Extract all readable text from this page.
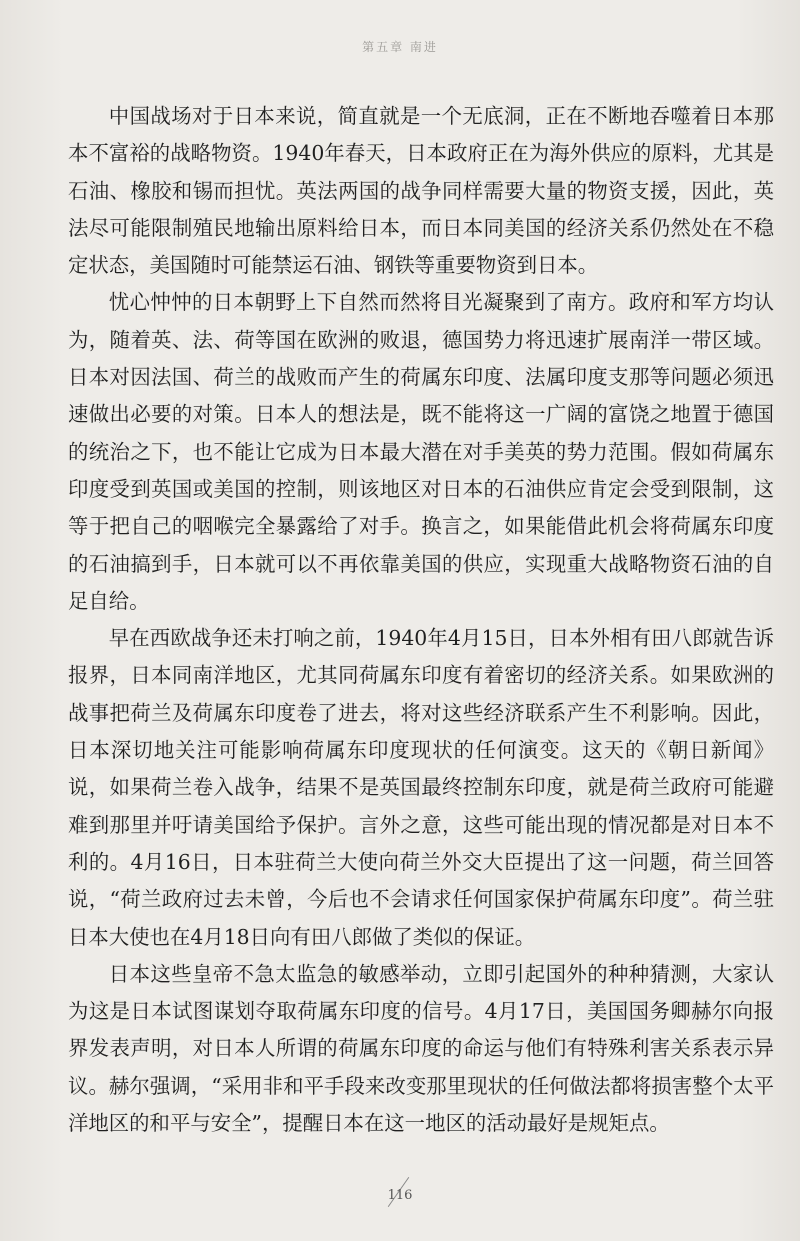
第五章 南进

中国战场对于日本来说，简直就是一个无底洞，正在不断地吞噬着日本那本不富裕的战略物资。1940年春天，日本政府正在为海外供应的原料，尤其是石油、橡胶和锡而担忧。英法两国的战争同样需要大量的物资支援，因此，英法尽可能限制殖民地输出原料给日本，而日本同美国的经济关系仍然处在不稳定状态，美国随时可能禁运石油、钢铁等重要物资到日本。

忧心忡忡的日本朝野上下自然而然将目光凝聚到了南方。政府和军方均认为，随着英、法、荷等国在欧洲的败退，德国势力将迅速扩展南洋一带区域。日本对因法国、荷兰的战败而产生的荷属东印度、法属印度支那等问题必须迅速做出必要的对策。日本人的想法是，既不能将这一广阔的富饶之地置于德国的统治之下，也不能让它成为日本最大潜在对手美英的势力范围。假如荷属东印度受到英国或美国的控制，则该地区对日本的石油供应肯定会受到限制，这等于把自己的咽喉完全暴露给了对手。换言之，如果能借此机会将荷属东印度的石油搞到手，日本就可以不再依靠美国的供应，实现重大战略物资石油的自足自给。

早在西欧战争还未打响之前，1940年4月15日，日本外相有田八郎就告诉报界，日本同南洋地区，尤其同荷属东印度有着密切的经济关系。如果欧洲的战事把荷兰及荷属东印度卷了进去，将对这些经济联系产生不利影响。因此，日本深切地关注可能影响荷属东印度现状的任何演变。这天的《朝日新闻》说，如果荷兰卷入战争，结果不是英国最终控制东印度，就是荷兰政府可能避难到那里并吁请美国给予保护。言外之意，这些可能出现的情况都是对日本不利的。4月16日，日本驻荷兰大使向荷兰外交大臣提出了这一问题，荷兰回答说，“荷兰政府过去未曾，今后也不会请求任何国家保护荷属东印度”。荷兰驻日本大使也在4月18日向有田八郎做了类似的保证。

日本这些皇帝不急太监急的敏感举动，立即引起国外的种种猜测，大家认为这是日本试图谋划夺取荷属东印度的信号。4月17日，美国国务卿赫尔向报界发表声明，对日本人所谓的荷属东印度的命运与他们有特殊利害关系表示异议。赫尔强调，“采用非和平手段来改变那里现状的任何做法都将损害整个太平洋地区的和平与安全”，提醒日本在这一地区的活动最好是规矩点。

116
